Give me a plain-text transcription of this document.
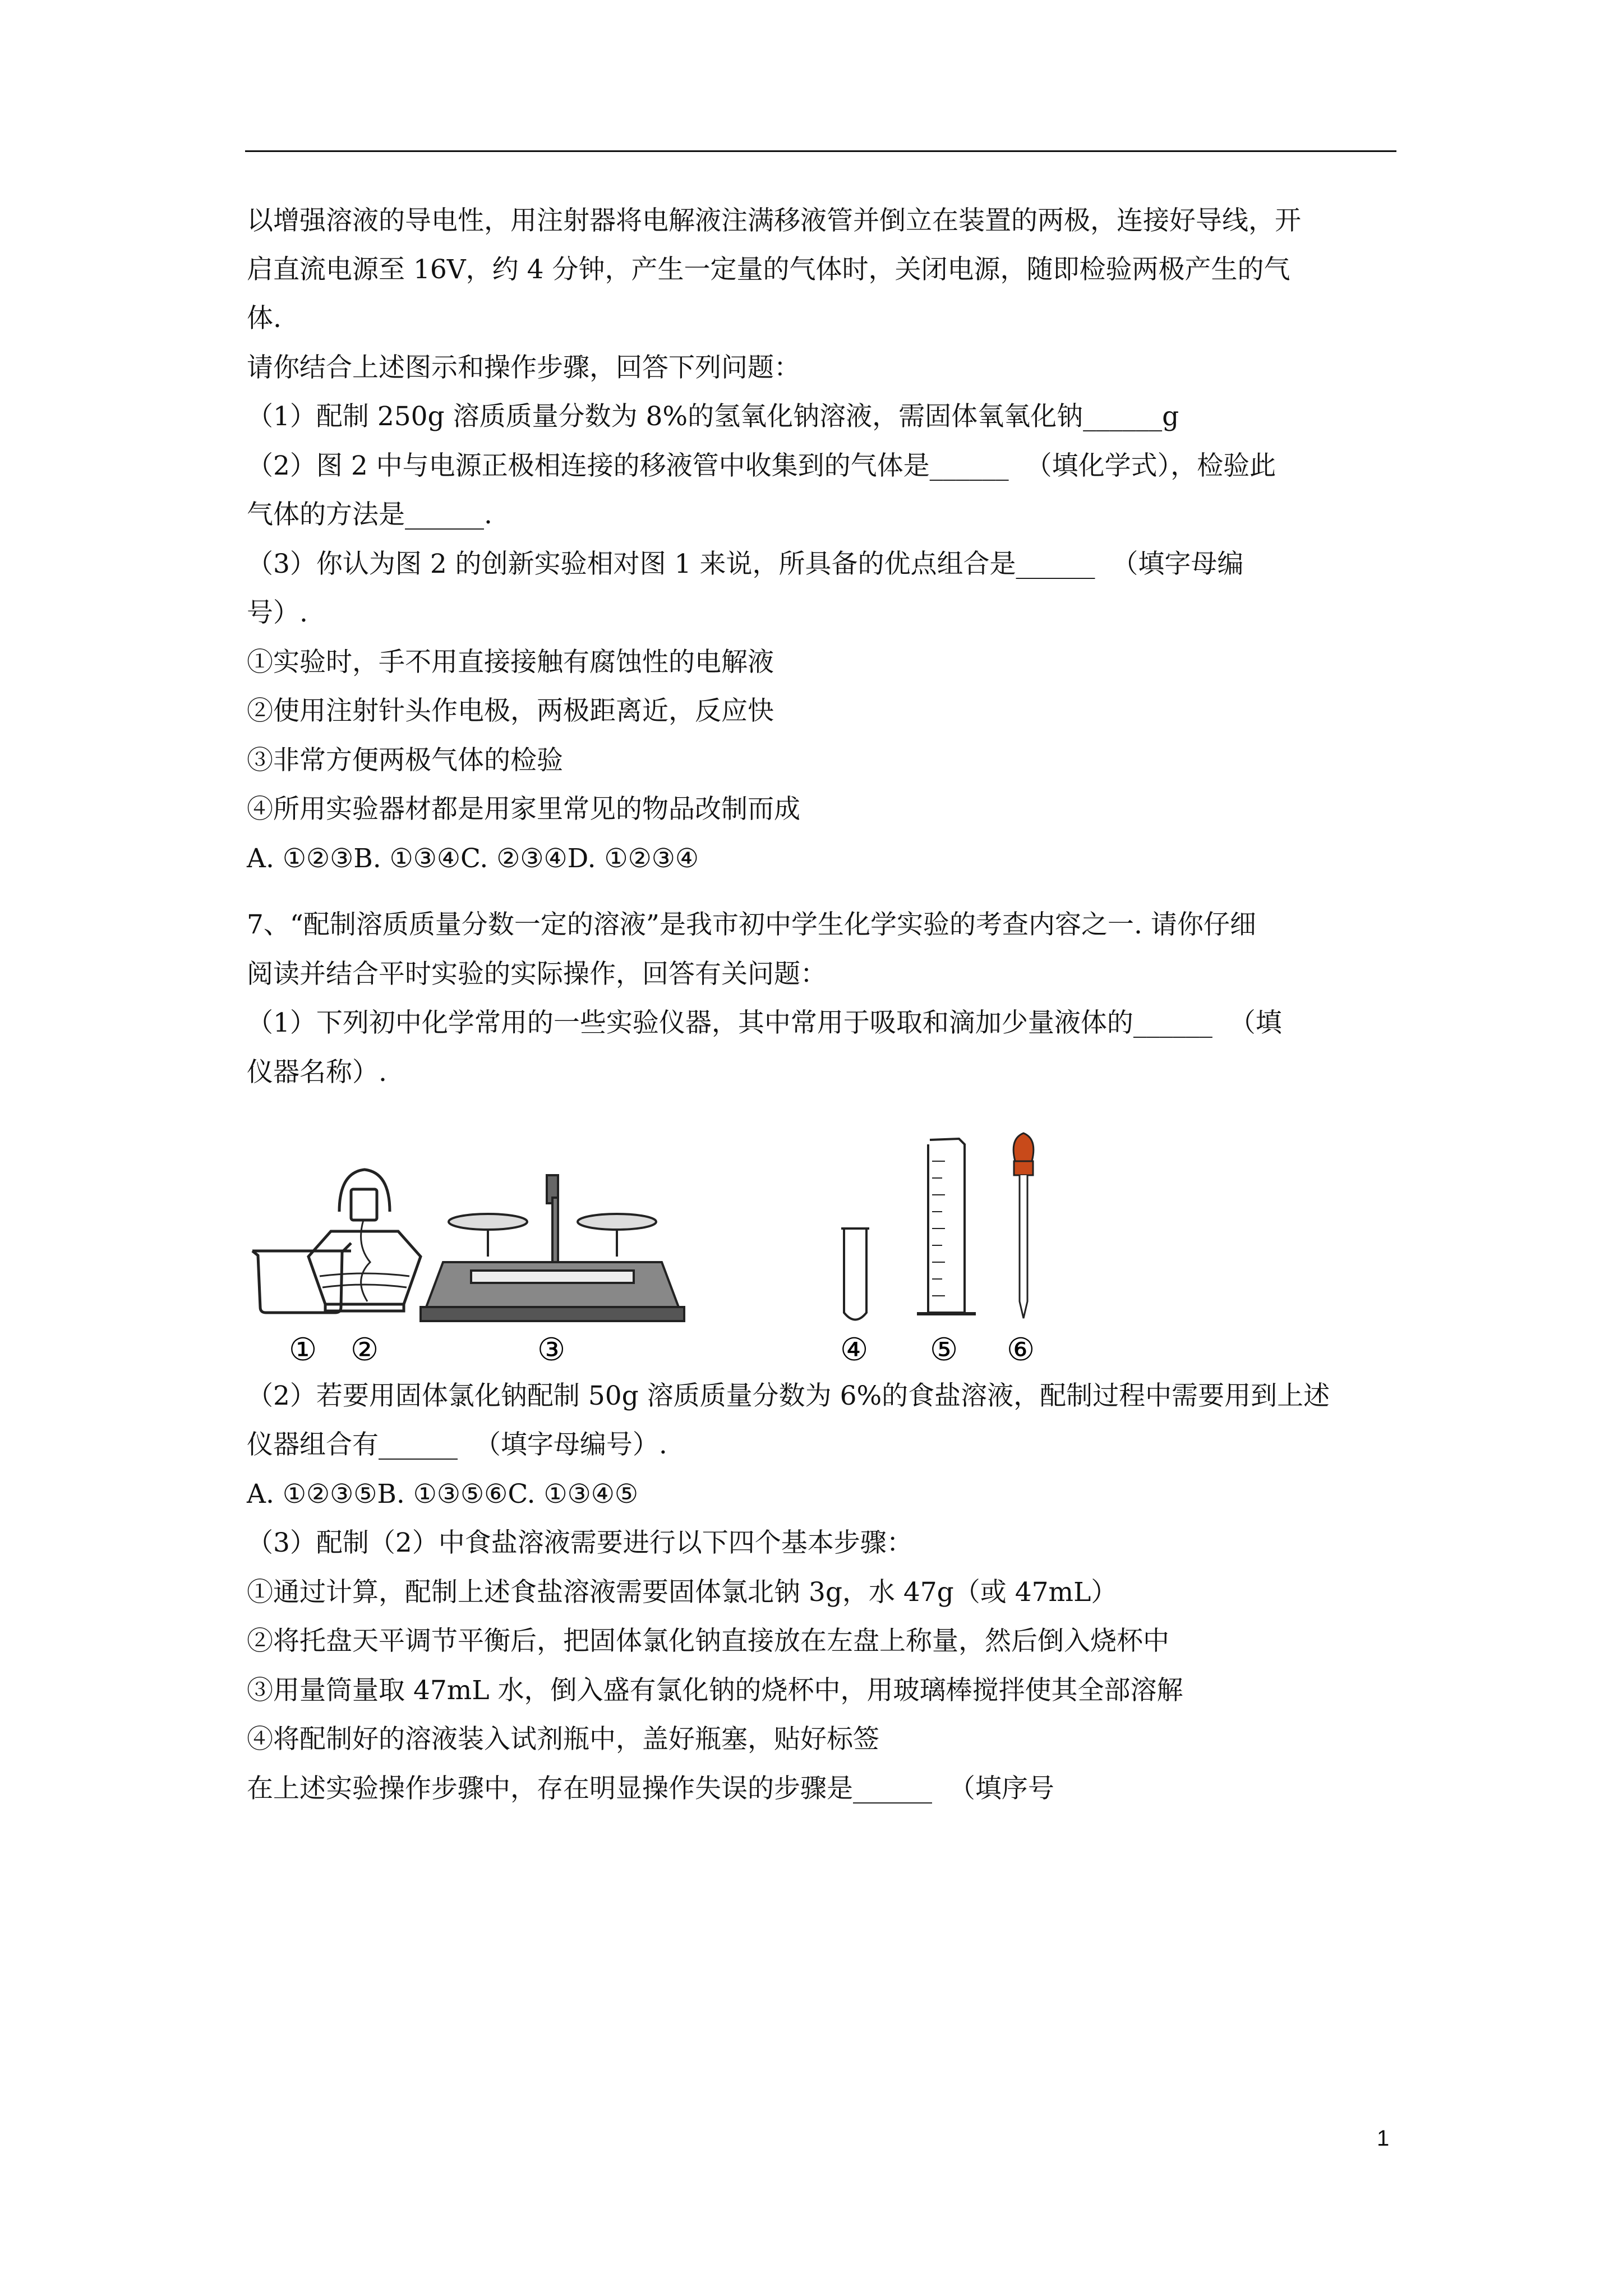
以增强溶液的导电性，用注射器将电解液注满移液管并倒立在装置的两极，连接好导线，开
启直流电源至 16V，约 4 分钟，产生一定量的气体时，关闭电源，随即检验两极产生的气
体.
请你结合上述图示和操作步骤，回答下列问题：
（1）配制 250g 溶质质量分数为 8%的氢氧化钠溶液，需固体氧氧化钠______g
（2）图 2 中与电源正极相连接的移液管中收集到的气体是______  （填化学式），检验此
气体的方法是______.
（3）你认为图 2 的创新实验相对图 1 来说，所具备的优点组合是______  （填字母编
号）.
①实验时，手不用直接接触有腐蚀性的电解液
②使用注射针头作电极，两极距离近，反应快
③非常方便两极气体的检验
④所用实验器材都是用家里常见的物品改制而成
A. ①②③B. ①③④C. ②③④D. ①②③④
7、“配制溶质质量分数一定的溶液”是我市初中学生化学实验的考查内容之一. 请你仔细
阅读并结合平时实验的实际操作，回答有关问题：
（1）下列初中化学常用的一些实验仪器，其中常用于吸取和滴加少量液体的______  （填
仪器名称）.
① ②	③	④ ⑤ ⑥
（2）若要用固体氯化钠配制 50g 溶质质量分数为 6%的食盐溶液，配制过程中需要用到上述
仪器组合有______  （填字母编号）.
A. ①②③⑤B. ①③⑤⑥C. ①③④⑤
（3）配制（2）中食盐溶液需要进行以下四个基本步骤：
①通过计算，配制上述食盐溶液需要固体氯北钠 3g，水 47g（或 47mL）
②将托盘天平调节平衡后，把固体氯化钠直接放在左盘上称量，然后倒入烧杯中
③用量筒量取 47mL 水，倒入盛有氯化钠的烧杯中，用玻璃棒搅拌使其全部溶解
④将配制好的溶液装入试剂瓶中，盖好瓶塞，贴好标签
在上述实验操作步骤中，存在明显操作失误的步骤是______  （填序号
1
